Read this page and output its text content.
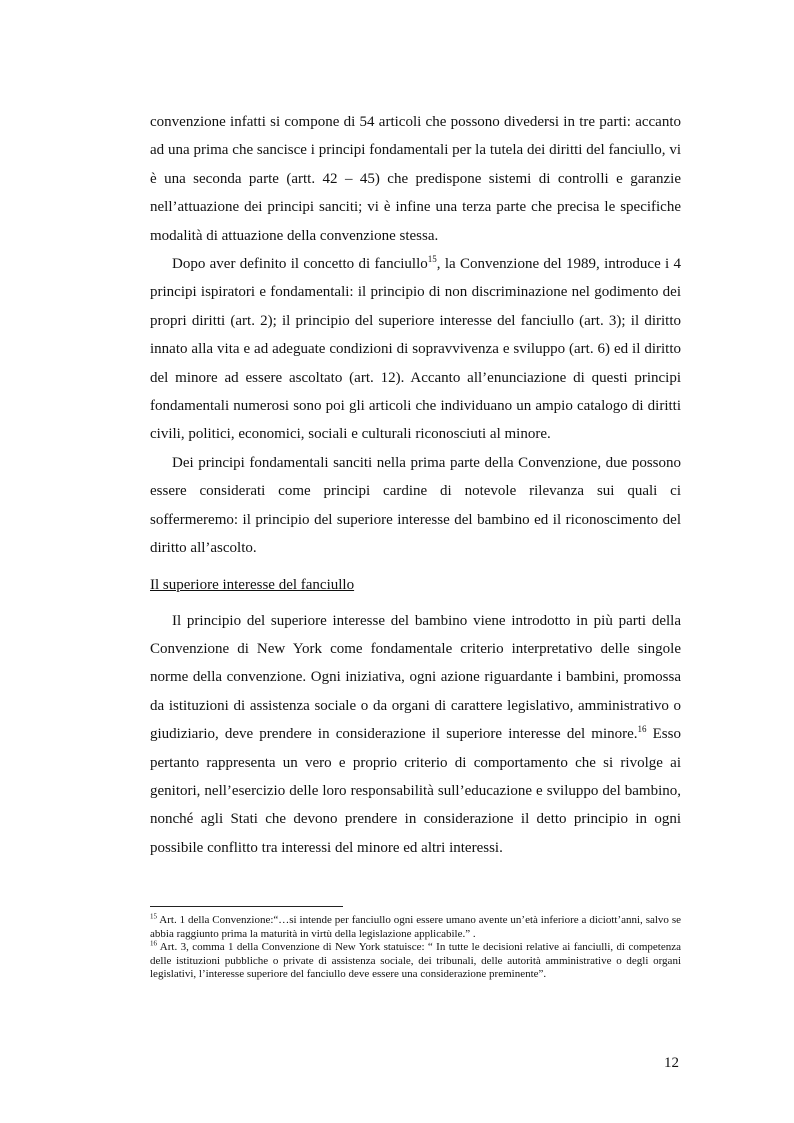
convenzione infatti si compone di 54 articoli che possono divedersi in tre parti: accanto ad una prima che sancisce i principi fondamentali per la tutela dei diritti del fanciullo, vi è una seconda parte (artt. 42 – 45) che predispone sistemi di controlli e garanzie nell’attuazione dei principi sanciti; vi è infine una terza parte che precisa le specifiche modalità di attuazione della convenzione stessa.

Dopo aver definito il concetto di fanciullo$^{15}$, la Convenzione del 1989, introduce i 4 principi ispiratori e fondamentali: il principio di non discriminazione nel godimento dei propri diritti (art. 2); il principio del superiore interesse del fanciullo (art. 3); il diritto innato alla vita e ad adeguate condizioni di sopravvivenza e sviluppo (art. 6) ed il diritto del minore ad essere ascoltato (art. 12). Accanto all’enunciazione di questi principi fondamentali numerosi sono poi gli articoli che individuano un ampio catalogo di diritti civili, politici, economici, sociali e culturali riconosciuti al minore.

Dei principi fondamentali sanciti nella prima parte della Convenzione, due possono essere considerati come principi cardine di notevole rilevanza sui quali ci soffermeremo: il principio del superiore interesse del bambino ed il riconoscimento del diritto all’ascolto.

Il superiore interesse del fanciullo

Il principio del superiore interesse del bambino viene introdotto in più parti della Convenzione di New York come fondamentale criterio interpretativo delle singole norme della convenzione. Ogni iniziativa, ogni azione riguardante i bambini, promossa da istituzioni di assistenza sociale o da organi di carattere legislativo, amministrativo o giudiziario, deve prendere in considerazione il superiore interesse del minore.$^{16}$ Esso pertanto rappresenta un vero e proprio criterio di comportamento che si rivolge ai genitori, nell’esercizio delle loro responsabilità sull’educazione e sviluppo del bambino, nonché agli Stati che devono prendere in considerazione il detto principio in ogni possibile conflitto tra interessi del minore ed altri interessi.

$^{15}$ Art. 1 della Convenzione:“…si intende per fanciullo ogni essere umano avente un’età inferiore a diciott’anni, salvo se abbia raggiunto prima la maturità in virtù della legislazione applicabile.” .

$^{16}$ Art. 3, comma 1 della Convenzione di New York statuisce: “ In tutte le decisioni relative ai fanciulli, di competenza delle istituzioni pubbliche o private di assistenza sociale, dei tribunali, delle autorità amministrative o degli organi legislativi, l’interesse superiore del fanciullo deve essere una considerazione preminente”.

12
